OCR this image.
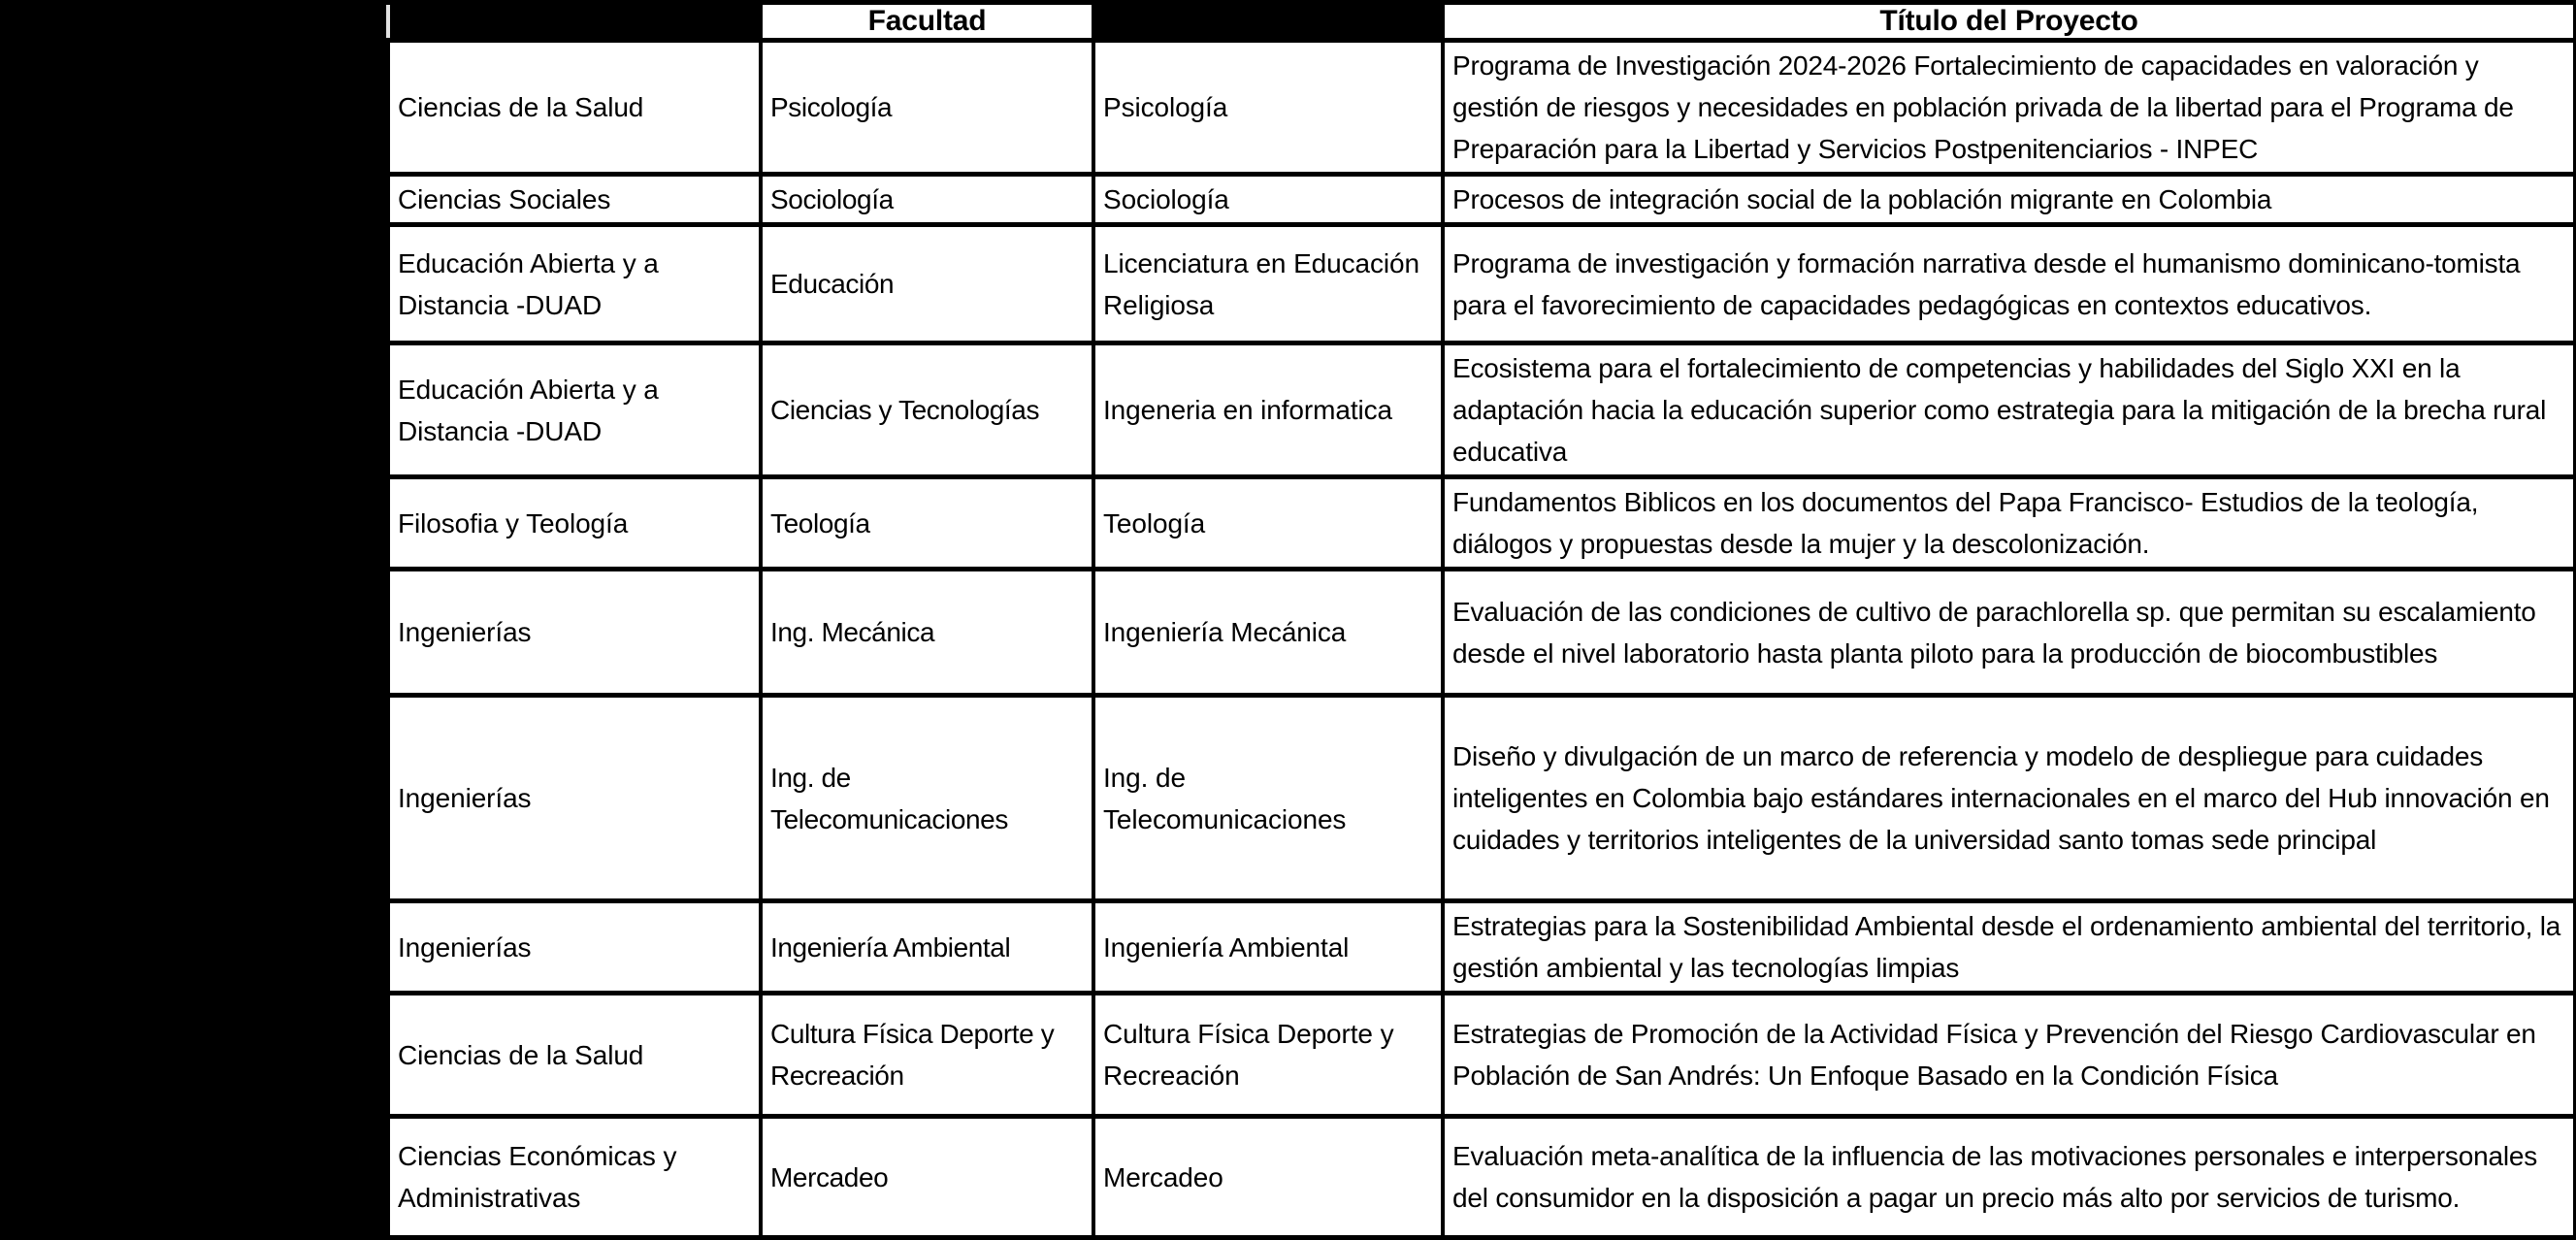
	Facultad		Título del Proyecto
Ciencias de la Salud	Psicología	Psicología	Programa de Investigación 2024-2026 Fortalecimiento de capacidades en valoración y gestión de riesgos y necesidades en población privada de la libertad para el Programa de Preparación para la Libertad y Servicios Postpenitenciarios - INPEC
Ciencias Sociales	Sociología	Sociología	Procesos de integración social de la población migrante en Colombia
Educación Abierta y a Distancia -DUAD	Educación	Licenciatura en Educación Religiosa	Programa de investigación y formación narrativa desde el humanismo dominicano-tomista para el favorecimiento de capacidades pedagógicas en contextos educativos.
Educación Abierta y a Distancia -DUAD	Ciencias y Tecnologías	Ingeneria en informatica	Ecosistema para el fortalecimiento de competencias y habilidades del Siglo XXI en la adaptación hacia la educación superior como estrategia para la mitigación de la brecha rural educativa
Filosofia y Teología	Teología	Teología	Fundamentos Biblicos en los documentos del Papa Francisco- Estudios de la teología, diálogos y propuestas desde la mujer y la descolonización.
Ingenierías	Ing. Mecánica	Ingeniería Mecánica	Evaluación de las condiciones de cultivo de parachlorella sp. que permitan su escalamiento desde el nivel laboratorio hasta planta piloto para la producción de biocombustibles
Ingenierías	Ing. de Telecomunicaciones	Ing. de Telecomunicaciones	Diseño y divulgación de un marco de referencia y modelo de despliegue para cuidades inteligentes en Colombia bajo estándares internacionales en el marco del Hub innovación en cuidades y territorios inteligentes de la universidad santo tomas sede principal
Ingenierías	Ingeniería Ambiental	Ingeniería Ambiental	Estrategias para la Sostenibilidad Ambiental desde el ordenamiento ambiental del territorio, la gestión ambiental y las tecnologías limpias
Ciencias de la Salud	Cultura Física Deporte y Recreación	Cultura Física Deporte y Recreación	Estrategias de Promoción de la Actividad Física y Prevención del Riesgo Cardiovascular en Población de San Andrés: Un Enfoque Basado en la Condición Física
Ciencias Económicas y Administrativas	Mercadeo	Mercadeo	Evaluación meta-analítica de la influencia de las motivaciones personales e interpersonales del consumidor en la disposición a pagar un precio más alto por servicios de turismo.
